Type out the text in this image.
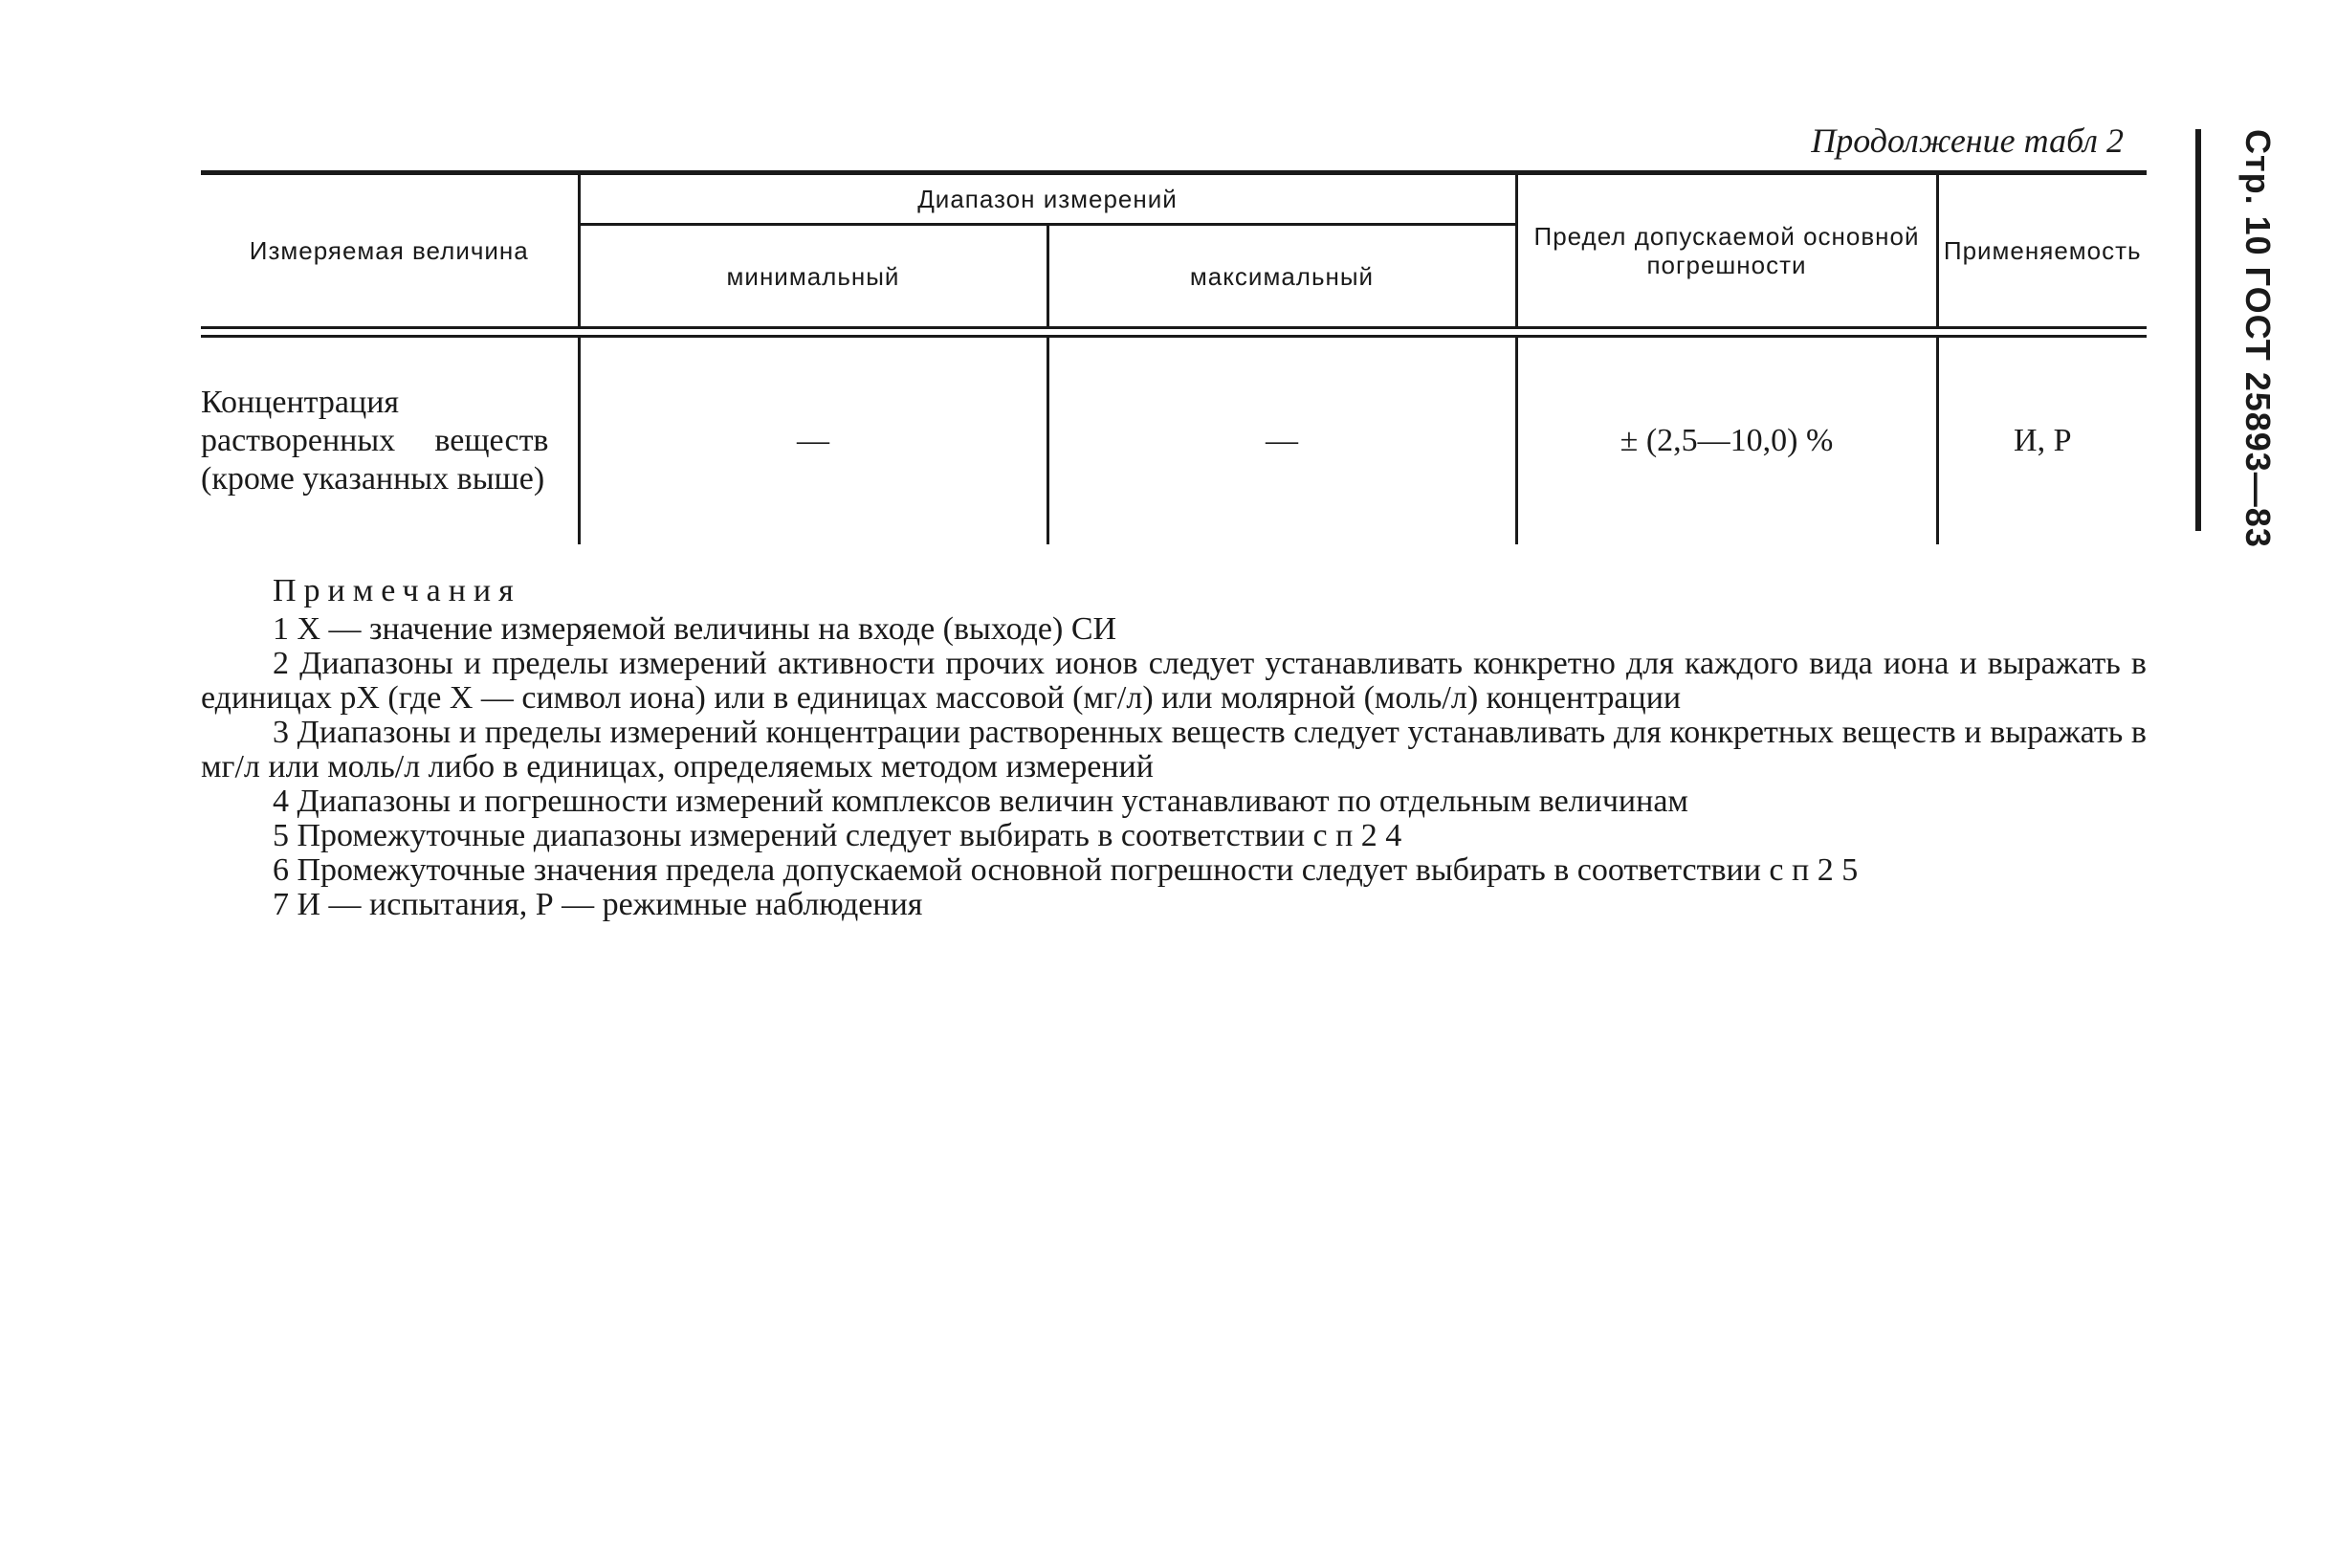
Продолжение табл 2	Стр. 10 ГОСТ 25893—83
Измеряемая величина	Диапазон измерений		Предел допускаемой основной погрешности	Применяемость
	минимальный	максимальный		

Концентрация растворенных веществ (кроме указанных выше)	—	—	± (2,5—10,0) %	И, Р
Примечания

1 X — значение измеряемой величины на входе (выходе) СИ

2 Диапазоны и пределы измерений активности прочих ионов следует устанавливать конкретно для каждого вида иона и выражать в единицах pX (где X — символ иона) или в единицах массовой (мг/л) или молярной (моль/л) концентрации

3 Диапазоны и пределы измерений концентрации растворенных веществ следует устанавливать для конкретных веществ и выражать в мг/л или моль/л либо в единицах, определяемых методом измерений

4 Диапазоны и погрешности измерений комплексов величин устанавливают по отдельным величинам

5 Промежуточные диапазоны измерений следует выбирать в соответствии с п 2 4

6 Промежуточные значения предела допускаемой основной погрешности следует выбирать в соответствии с п 2 5

7 И — испытания, Р — режимные наблюдения
